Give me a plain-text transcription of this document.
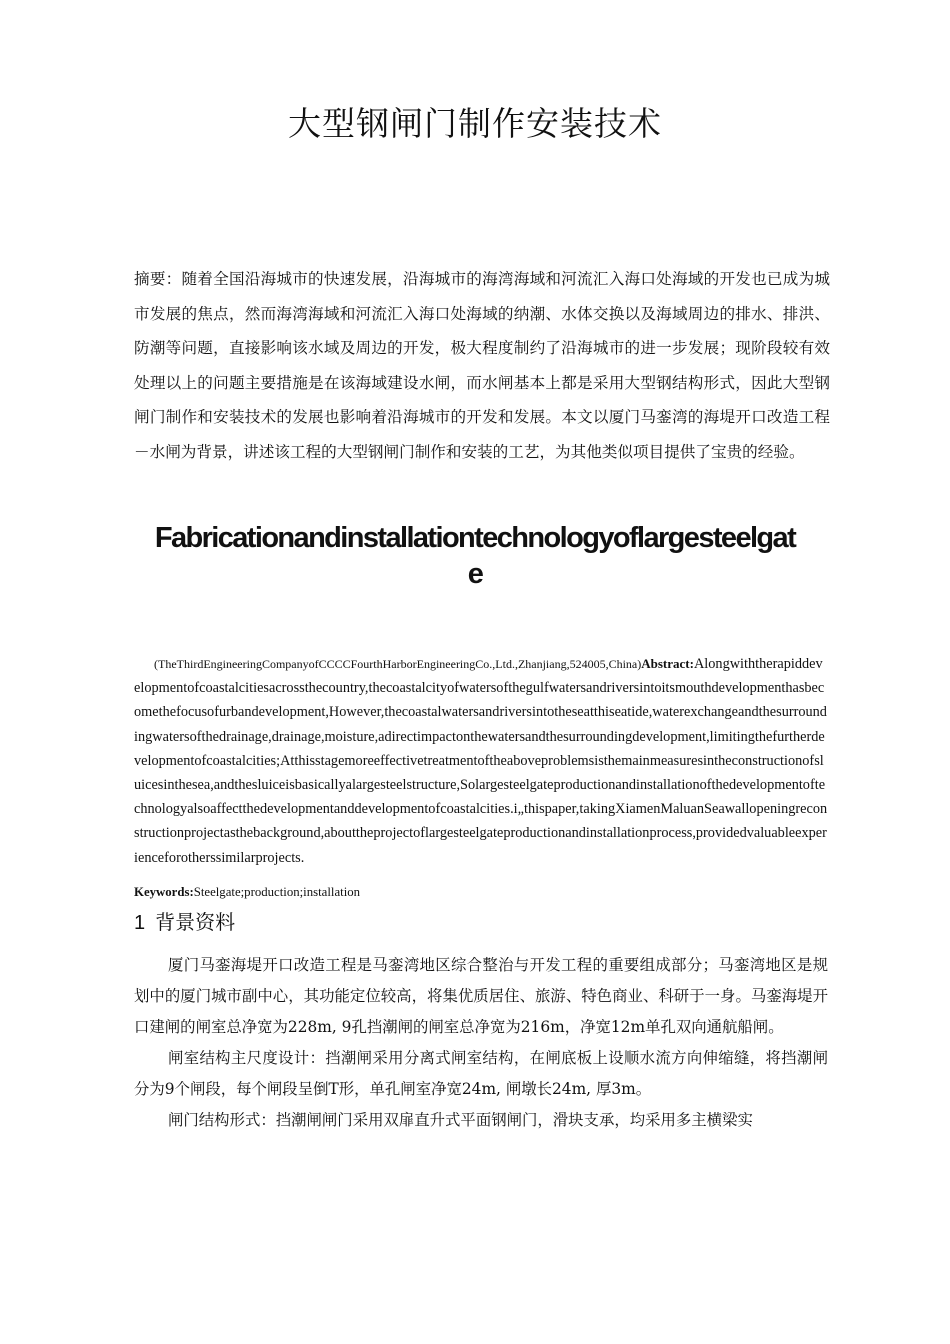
大型钢闸门制作安装技术
摘要：随着全国沿海城市的快速发展，沿海城市的海湾海域和河流汇入海口处海域的开发也已成为城市发展的焦点，然而海湾海域和河流汇入海口处海域的纳潮、水体交换以及海域周边的排水、排洪、防潮等问题，直接影响该水域及周边的开发，极大程度制约了沿海城市的进一步发展；现阶段较有效处理以上的问题主要措施是在该海域建设水闸，而水闸基本上都是采用大型钢结构形式，因此大型钢闸门制作和安装技术的发展也影响着沿海城市的开发和发展。本文以厦门马銮湾的海堤开口改造工程－水闸为背景，讲述该工程的大型钢闸门制作和安装的工艺，为其他类似项目提供了宝贵的经验。
Fabricationandinstallationtechnologyoflargesteelgate
(TheThirdEngineeringCompanyofCCCCFourthHarborEngineeringCo.,Ltd.,Zhanjiang,524005,China)Abstract:Alongwiththerapiddevelopmentofcoastalcitiesacrossthecountry,thecoastalcityofwatersofthegulfwatersandriversintoitsmouthdevelopmenthasbecomethefocusofurbandevelopment,However,thecoastalwatersandriversintotheseatthiseatide,waterexchangeandthesurroundingwatersofthedrainage,drainage,moisture,adirectimpactonthewatersandthesurroundingdevelopment,limitingthefurtherdevelopmentofcoastalcities;Atthisstagemoreeffectivetreatmentoftheaboveproblemsisthemainmeasuresintheconstructionofsluicesinthesea,andthesluiceisbasicallyalargesteelstructure,Solargesteelgateproductionandinstallationofthedevelopmentoftechnologyalsoaffectthedevelopmentanddevelopmentofcoastalcities.i„thispaper,takingXiamenMaluanSeawallopeningreconstructionprojectasthebackground,abouttheprojectoflargesteelgateproductionandinstallationprocess,providedvaluableexperienceforotherssimilarprojects.
Keywords:Steelgate;production;installation
1 背景资料

厦门马銮海堤开口改造工程是马銮湾地区综合整治与开发工程的重要组成部分；马銮湾地区是规划中的厦门城市副中心，其功能定位较高，将集优质居住、旅游、特色商业、科研于一身。马銮海堤开口建闸的闸室总净宽为228m, 9孔挡潮闸的闸室总净宽为216m，净宽12m单孔双向通航船闸。

闸室结构主尺度设计：挡潮闸采用分离式闸室结构，在闸底板上设顺水流方向伸缩缝，将挡潮闸分为9个闸段，每个闸段呈倒T形，单孔闸室净宽24m, 闸墩长24m, 厚3m。

闸门结构形式：挡潮闸闸门采用双扉直升式平面钢闸门，滑块支承，均采用多主横梁实
